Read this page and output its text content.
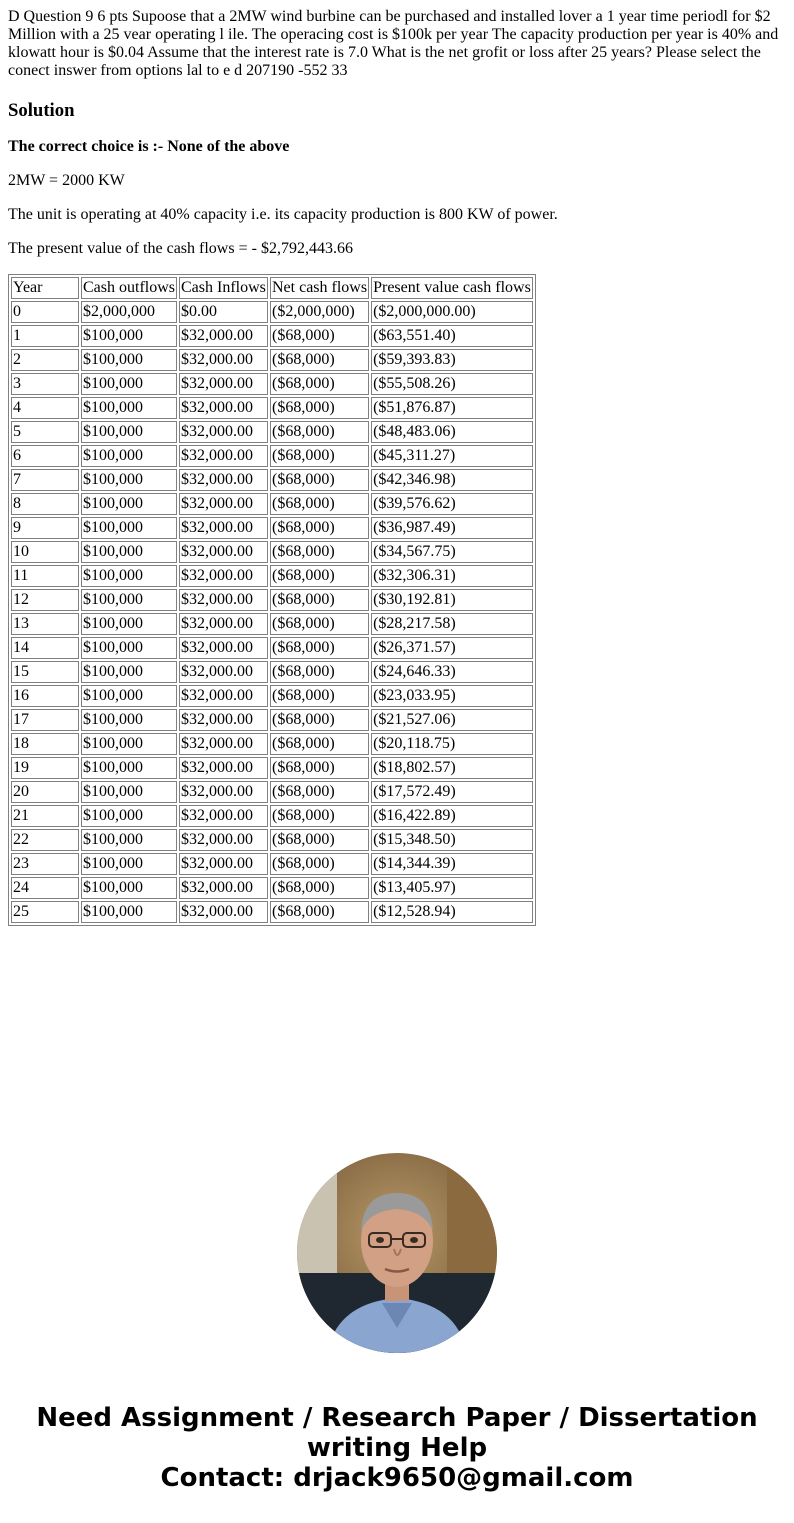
D Question 9 6 pts Supoose that a 2MW wind burbine can be purchased and installed lover a 1 year time periodl for $2 Million with a 25 vear operating l ile. The operacing cost is $100k per year The capacity production per year is 40% and klowatt hour is $0.04 Assume that the interest rate is 7.0 What is the net grofit or loss after 25 years? Please select the conect inswer from options lal to e d 207190 -552 33

Solution

The correct choice is :- None of the above

2MW = 2000 KW

The unit is operating at 40% capacity i.e. its capacity production is 800 KW of power.

The present value of the cash flows = - $2,792,443.66

Year	Cash outflows	Cash Inflows	Net cash flows	Present value cash flows
0	$2,000,000	$0.00	($2,000,000)	($2,000,000.00)
1	$100,000	$32,000.00	($68,000)	($63,551.40)
2	$100,000	$32,000.00	($68,000)	($59,393.83)
3	$100,000	$32,000.00	($68,000)	($55,508.26)
4	$100,000	$32,000.00	($68,000)	($51,876.87)
5	$100,000	$32,000.00	($68,000)	($48,483.06)
6	$100,000	$32,000.00	($68,000)	($45,311.27)
7	$100,000	$32,000.00	($68,000)	($42,346.98)
8	$100,000	$32,000.00	($68,000)	($39,576.62)
9	$100,000	$32,000.00	($68,000)	($36,987.49)
10	$100,000	$32,000.00	($68,000)	($34,567.75)
11	$100,000	$32,000.00	($68,000)	($32,306.31)
12	$100,000	$32,000.00	($68,000)	($30,192.81)
13	$100,000	$32,000.00	($68,000)	($28,217.58)
14	$100,000	$32,000.00	($68,000)	($26,371.57)
15	$100,000	$32,000.00	($68,000)	($24,646.33)
16	$100,000	$32,000.00	($68,000)	($23,033.95)
17	$100,000	$32,000.00	($68,000)	($21,527.06)
18	$100,000	$32,000.00	($68,000)	($20,118.75)
19	$100,000	$32,000.00	($68,000)	($18,802.57)
20	$100,000	$32,000.00	($68,000)	($17,572.49)
21	$100,000	$32,000.00	($68,000)	($16,422.89)
22	$100,000	$32,000.00	($68,000)	($15,348.50)
23	$100,000	$32,000.00	($68,000)	($14,344.39)
24	$100,000	$32,000.00	($68,000)	($13,405.97)
25	$100,000	$32,000.00	($68,000)	($12,528.94)
Need Assignment / Research Paper / Dissertation
writing Help
Contact: drjack9650@gmail.com
